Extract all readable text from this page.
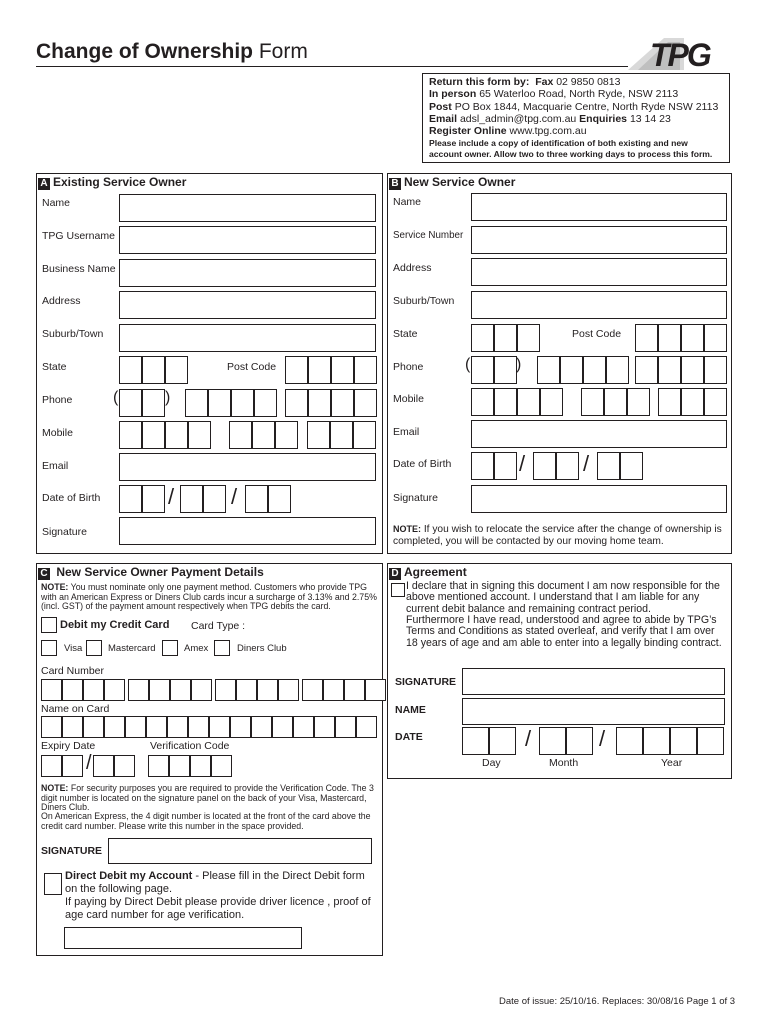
Change of Ownership Form	TPG
Return this form by: Fax 02 9850 0813
In person 65 Waterloo Road, North Ryde, NSW 2113
Post PO Box 1844, Macquarie Centre, North Ryde NSW 2113
Email adsl_admin@tpg.com.au Enquiries 13 14 23
Register Online www.tpg.com.au
Please include a copy of identification of both existing and new account owner. Allow two to three working days to process this form.
A Existing Service Owner
Name
TPG Username
Business Name
Address
Suburb/Town
State	Post Code
Phone	(	)
Mobile
Email
Date of Birth	/	/
Signature
B New Service Owner
Name
Service Number
Address
Suburb/Town
State	Post Code
Phone	(	)
Mobile
Email
Date of Birth	/	/
Signature
NOTE: If you wish to relocate the service after the change of ownership is completed, you will be contacted by our moving home team.
C New Service Owner Payment Details
NOTE: You must nominate only one payment method. Customers who provide TPG with an American Express or Diners Club cards incur a surcharge of 3.13% and 2.75% (incl. GST) of the payment amount respectively when TPG debits the card.
Debit my Credit Card Card Type :
Visa	Mastercard	Amex	Diners Club
Card Number
Name on Card
Expiry Date	Verification Code
/
NOTE: For security purposes you are required to provide the Verification Code. The 3 digit number is located on the signature panel on the back of your Visa, Mastercard, Diners Club.
On American Express, the 4 digit number is located at the front of the card above the credit card number. Please write this number in the space provided.
SIGNATURE
Direct Debit my Account - Please fill in the Direct Debit form on the following page.
If paying by Direct Debit please provide driver licence , proof of age card number for age verification.
D Agreement
I declare that in signing this document I am now responsible for the above mentioned account. I understand that I am liable for any current debit balance and remaining contract period.
Furthermore I have read, understood and agree to abide by TPG’s Terms and Conditions as stated overleaf, and verify that I am over 18 years of age and am able to enter into a legally binding contract.
SIGNATURE
NAME
DATE	/	/
Day	Month	Year
Date of issue: 25/10/16. Replaces: 30/08/16 Page 1 of 3
